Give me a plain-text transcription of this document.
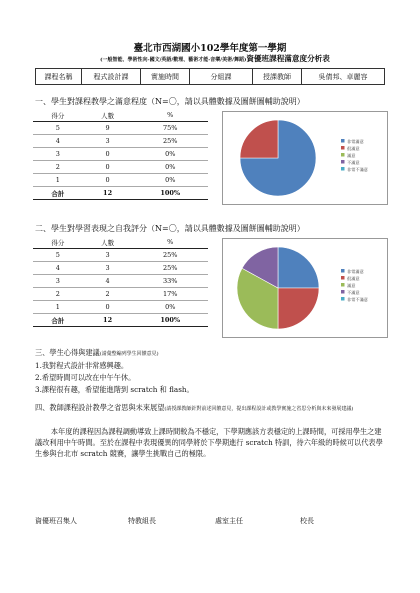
臺北市西湖國小102學年度第一學期
(一般智能、學術性向-國文/英語/數理、藝術才能-音樂/美術/舞蹈)資優班課程滿意度分析表
課程名稱	程式設計課	實施時間	分組課	授課教師	吳倩邦、卓麗容
一、學生對課程教學之滿意程度（N=〇，請以具體數據及圖餅圖輔助說明）
得分	人數	%
5	9	75%
4	3	25%
3	0	0%
2	0	0%
1	0	0%
合計	12	100%
非常滿意
很滿意
滿意
不滿意
非常不滿意
二、學生對學習表現之自我評分（N=〇，請以具體數據及圖餅圖輔助說明）
得分	人數	%
5	3	25%
4	3	25%
3	4	33%
2	2	17%
1	0	0%
合計	12	100%
非常滿意
很滿意
滿意
不滿意
非常不滿意
三、學生心得與建議(請彙整編列學生回饋意見)
1.我對程式設計非常感興趣。
2.希望時間可以改在中午午休。
3.課程很有趣，希望能進階到 scratch 和 flash。
四、教師課程設計教學之省思與未來展望(請授課教師針對前述回饋意見，提出課程設計或教學實施之省思分析與未來發展建議)
本年度的課程因為課程調動導致上課時間較為不穩定，下學期應該方表穩定的上課時間，可採用學生之建議改利用中午時間。至於在課程中表現優異的同學將於下學期進行 scratch 特訓，待六年級的時候可以代表學生參與台北市 scratch 競賽，讓學生挑戰自己的極限。
資優班召集人	特教組長	處室主任	校長
